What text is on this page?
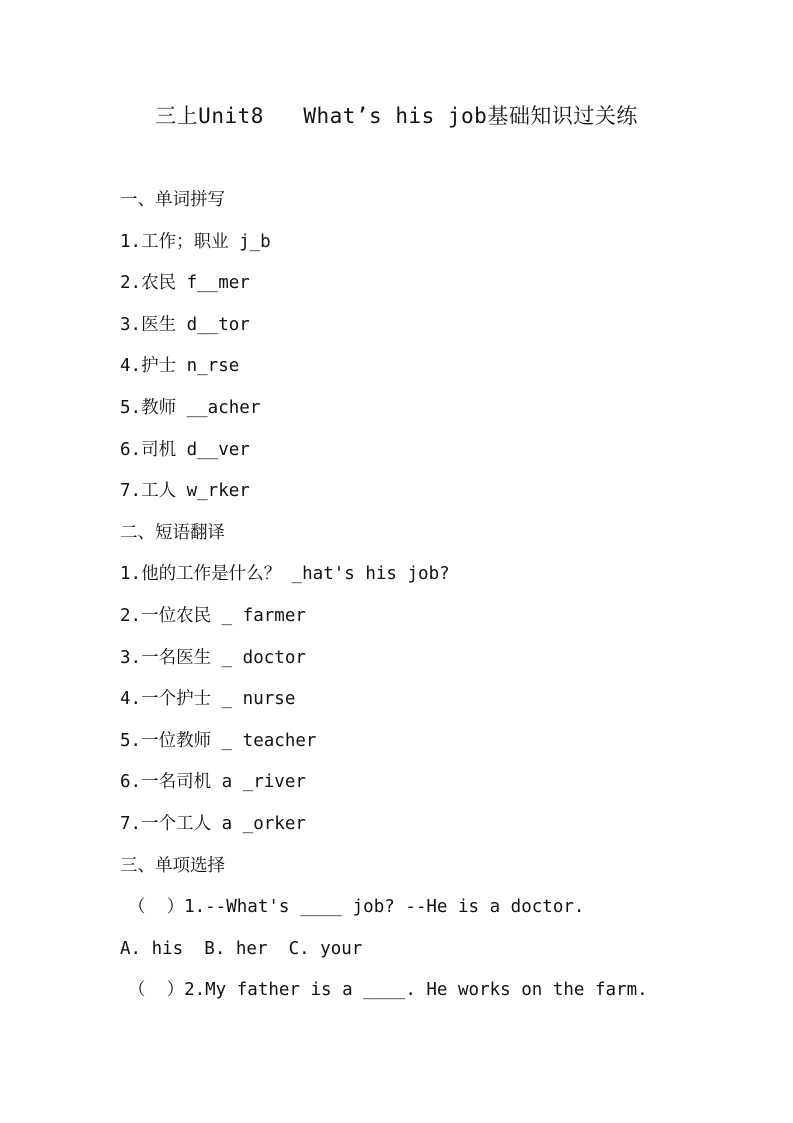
三上Unit8   What’s his job基础知识过关练
一、单词拼写
1.工作；职业 j_b
2.农民 f__mer
3.医生 d__tor
4.护士 n_rse
5.教师 __acher
6.司机 d__ver
7.工人 w_rker
二、短语翻译
1.他的工作是什么？ _hat's his job?
2.一位农民 _ farmer
3.一名医生 _ doctor
4.一个护士 _ nurse
5.一位教师 _ teacher
6.一名司机 a _river
7.一个工人 a _orker
三、单项选择
（  ）1.--What's ____ job? --He is a doctor.
A. his  B. her  C. your
（  ）2.My father is a ____. He works on the farm.
